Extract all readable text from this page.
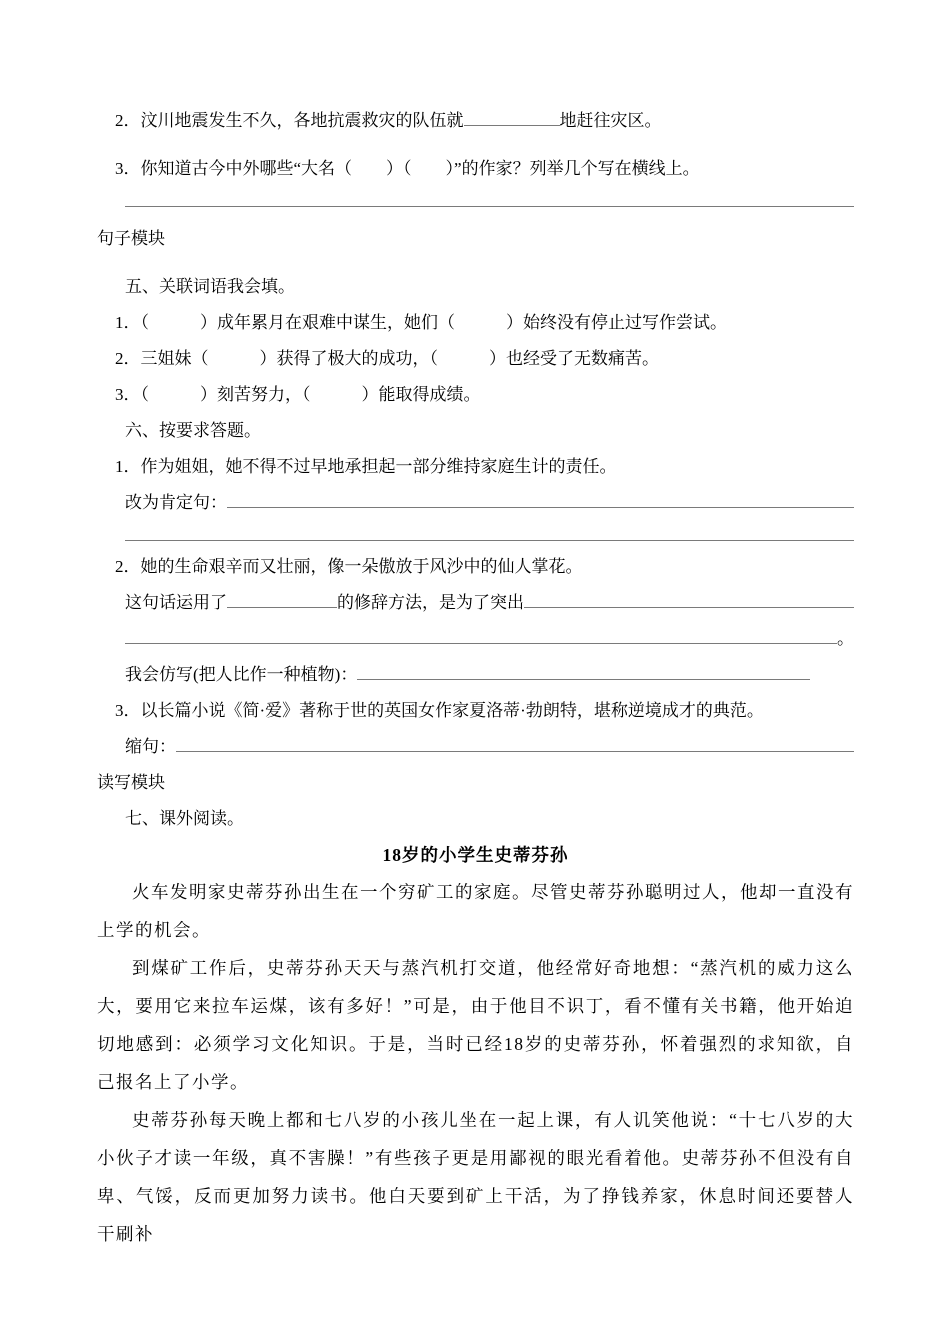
2．汶川地震发生不久，各地抗震救灾的队伍就	地赶往灾区。
3．你知道古今中外哪些“大名（　　）（　　）”的作家？列举几个写在横线上。
句子模块
五、关联词语我会填。
1．（　　　）成年累月在艰难中谋生，她们（　　　）始终没有停止过写作尝试。
2．三姐妹（　　　）获得了极大的成功，（　　　）也经受了无数痛苦。
3．（　　　）刻苦努力，（　　　）能取得成绩。
六、按要求答题。
1．作为姐姐，她不得不过早地承担起一部分维持家庭生计的责任。
改为肯定句：
2．她的生命艰辛而又壮丽，像一朵傲放于风沙中的仙人掌花。
这句话运用了	的修辞方法，是为了突出
。
我会仿写(把人比作一种植物)：
3．以长篇小说《简·爱》著称于世的英国女作家夏洛蒂·勃朗特，堪称逆境成才的典范。
缩句：
读写模块
七、课外阅读。
18岁的小学生史蒂芬孙

火车发明家史蒂芬孙出生在一个穷矿工的家庭。尽管史蒂芬孙聪明过人，他却一直没有上学的机会。

到煤矿工作后，史蒂芬孙天天与蒸汽机打交道，他经常好奇地想：“蒸汽机的威力这么大，要用它来拉车运煤，该有多好！”可是，由于他目不识丁，看不懂有关书籍，他开始迫切地感到：必须学习文化知识。于是，当时已经18岁的史蒂芬孙，怀着强烈的求知欲，自己报名上了小学。

史蒂芬孙每天晚上都和七八岁的小孩儿坐在一起上课，有人讥笑他说：“十七八岁的大小伙子才读一年级，真不害臊！”有些孩子更是用鄙视的眼光看着他。史蒂芬孙不但没有自卑、气馁，反而更加努力读书。他白天要到矿上干活，为了挣钱养家，休息时间还要替人干刷补
